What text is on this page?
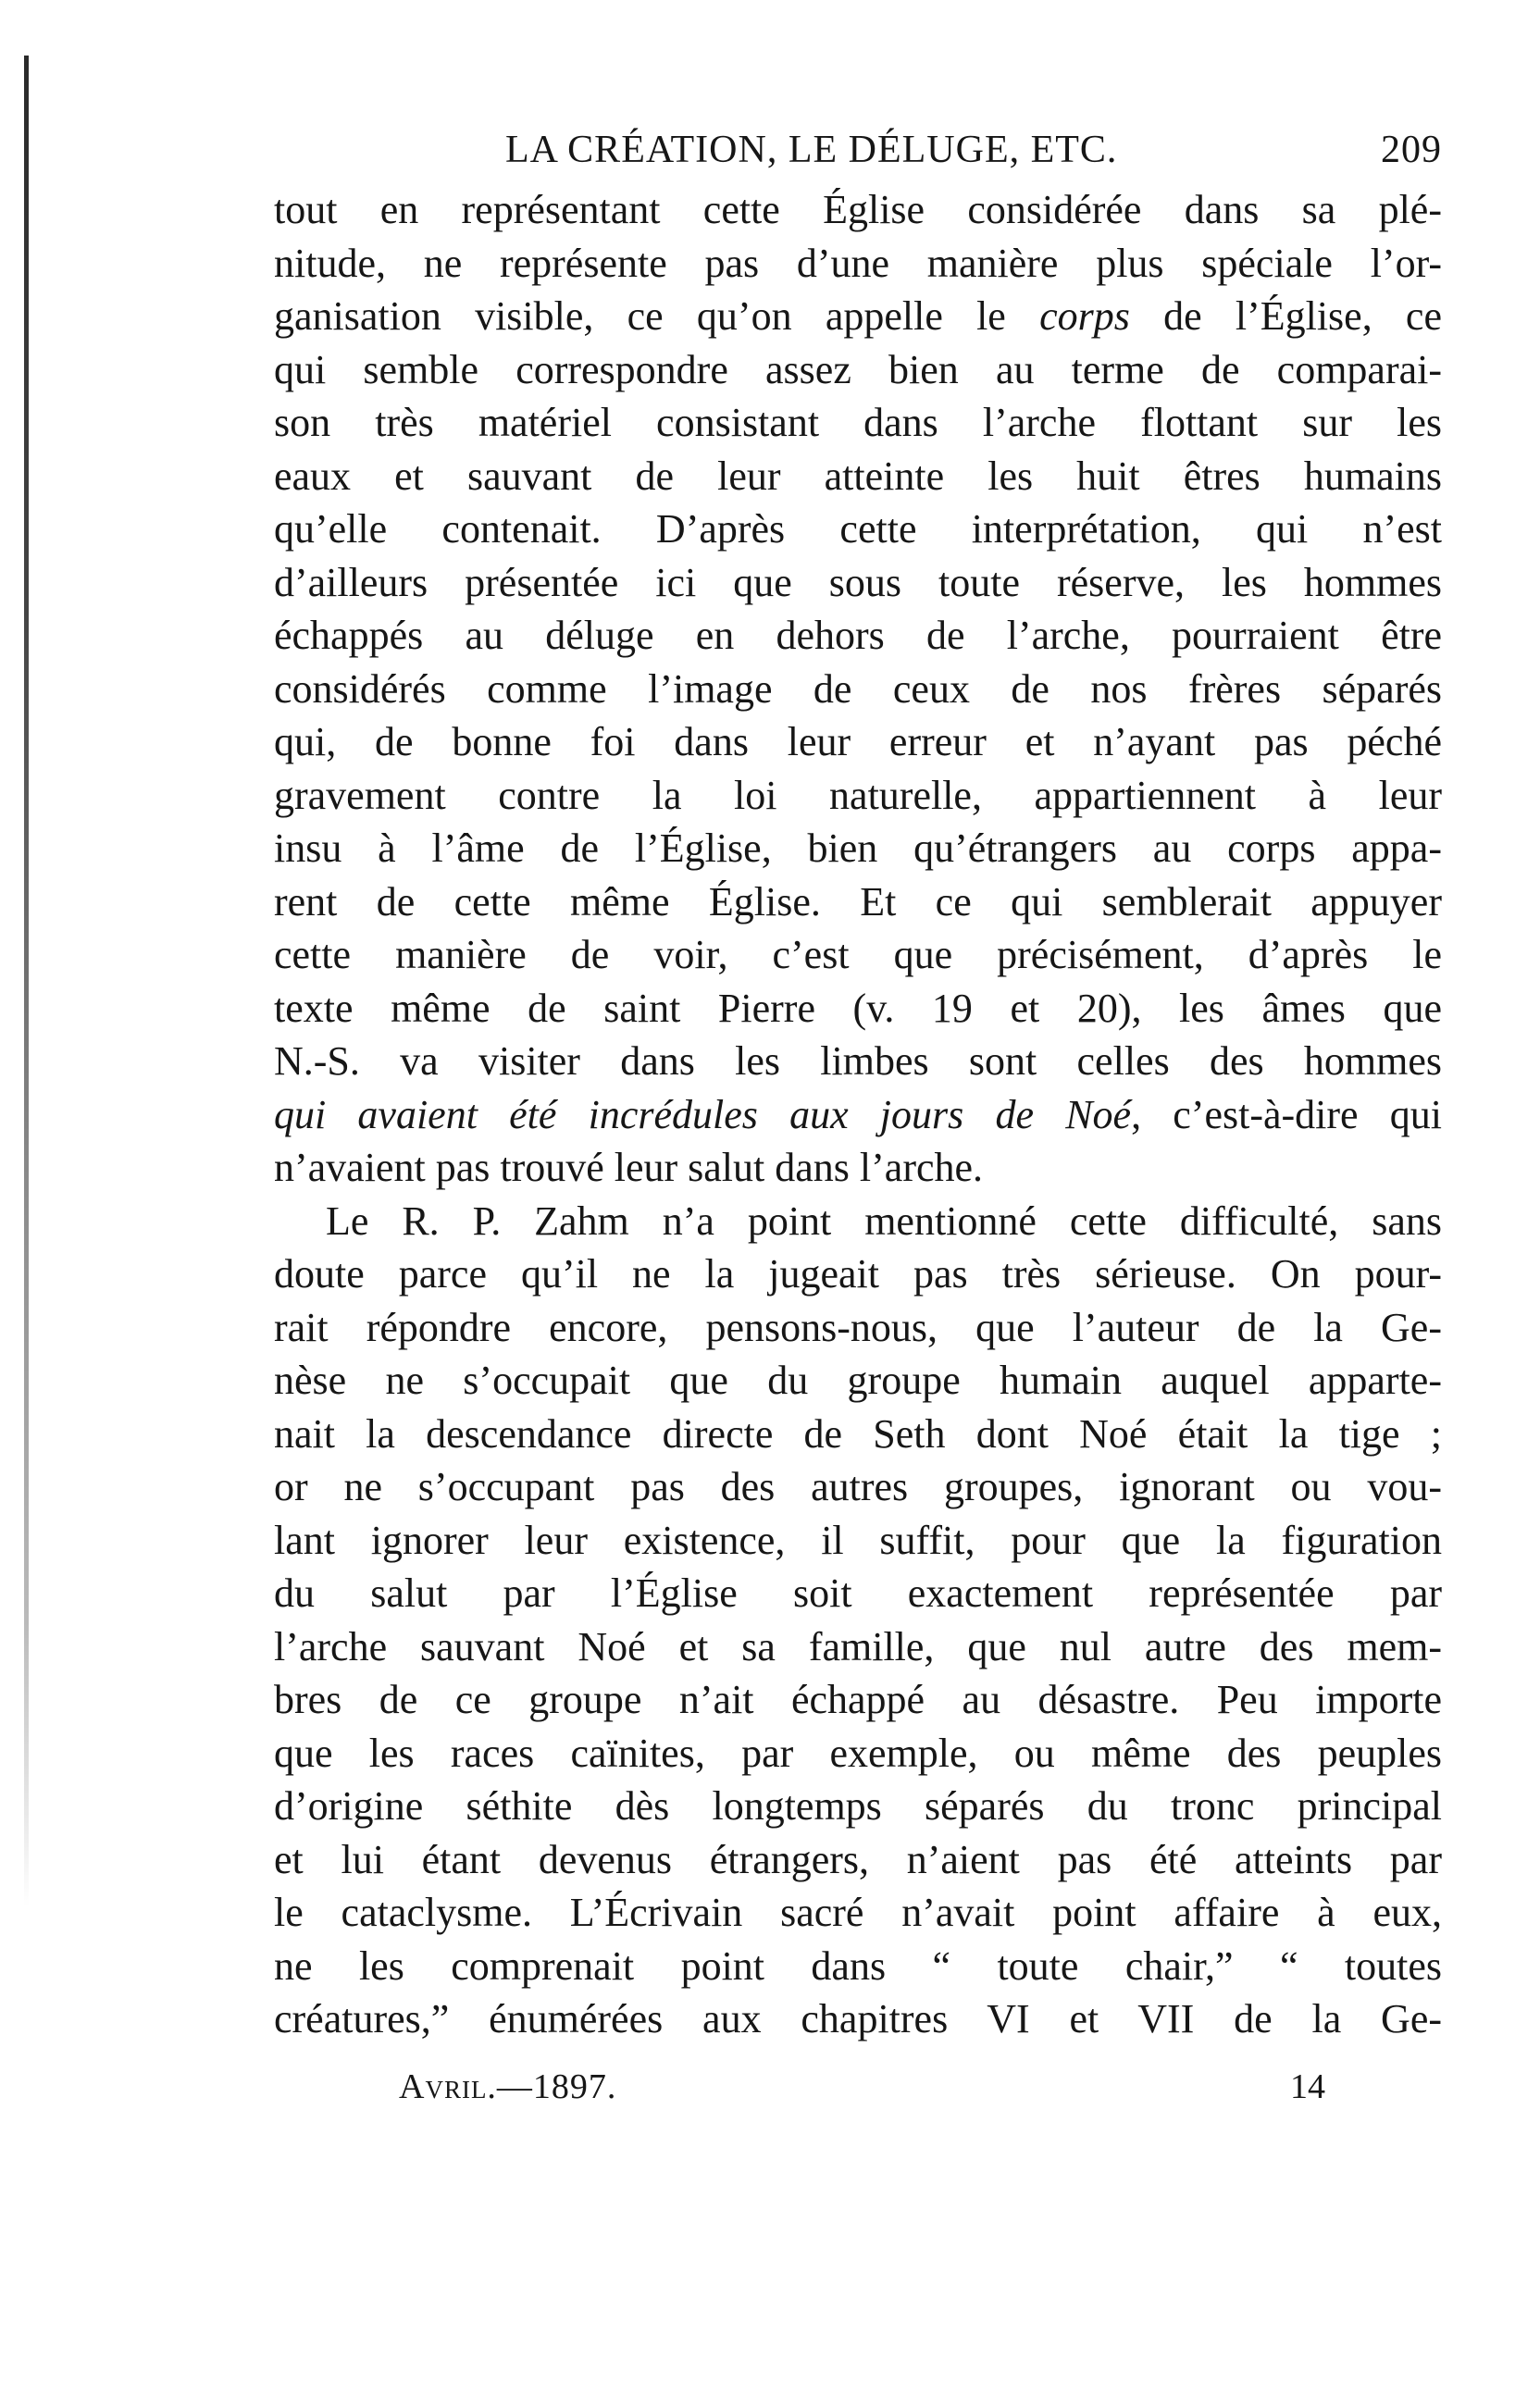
LA CRÉATION, LE DÉLUGE, ETC.	209
tout en représentant cette Église considérée dans sa plé-
nitude, ne représente pas d’une manière plus spéciale l’or-
ganisation visible, ce qu’on appelle le corps de l’Église, ce
qui semble correspondre assez bien au terme de comparai-
son très matériel consistant dans l’arche flottant sur les
eaux et sauvant de leur atteinte les huit êtres humains
qu’elle contenait. D’après cette interprétation, qui n’est
d’ailleurs présentée ici que sous toute réserve, les hommes
échappés au déluge en dehors de l’arche, pourraient être
considérés comme l’image de ceux de nos frères séparés
qui, de bonne foi dans leur erreur et n’ayant pas péché
gravement contre la loi naturelle, appartiennent à leur
insu à l’âme de l’Église, bien qu’étrangers au corps appa-
rent de cette même Église. Et ce qui semblerait appuyer
cette manière de voir, c’est que précisément, d’après le
texte même de saint Pierre (v. 19 et 20), les âmes que
N.-S. va visiter dans les limbes sont celles des hommes
qui avaient été incrédules aux jours de Noé, c’est-à-dire qui
n’avaient pas trouvé leur salut dans l’arche.
Le R. P. Zahm n’a point mentionné cette difficulté, sans
doute parce qu’il ne la jugeait pas très sérieuse. On pour-
rait répondre encore, pensons-nous, que l’auteur de la Ge-
nèse ne s’occupait que du groupe humain auquel apparte-
nait la descendance directe de Seth dont Noé était la tige ;
or ne s’occupant pas des autres groupes, ignorant ou vou-
lant ignorer leur existence, il suffit, pour que la figuration
du salut par l’Église soit exactement représentée par
l’arche sauvant Noé et sa famille, que nul autre des mem-
bres de ce groupe n’ait échappé au désastre. Peu importe
que les races caïnites, par exemple, ou même des peuples
d’origine séthite dès longtemps séparés du tronc principal
et lui étant devenus étrangers, n’aient pas été atteints par
le cataclysme. L’Écrivain sacré n’avait point affaire à eux,
ne les comprenait point dans “ toute chair,” “ toutes
créatures,” énumérées aux chapitres VI et VII de la Ge-
Avril.—1897.	14
